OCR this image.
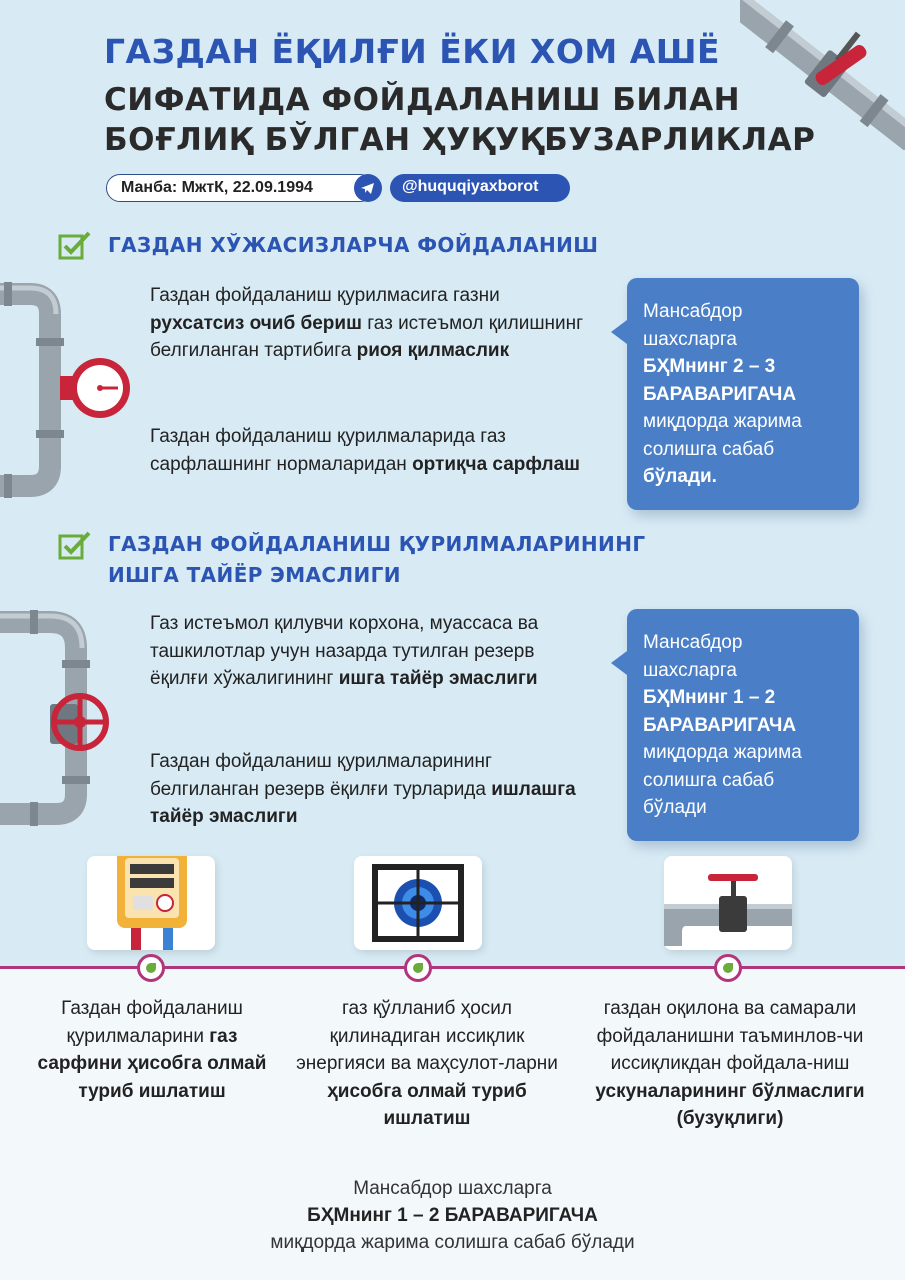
ГАЗДАН ЁҚИЛҒИ ЁКИ ХОМ АШЁ
СИФАТИДА ФОЙДАЛАНИШ БИЛАН
БОҒЛИҚ БЎЛГАН ҲУҚУҚБУЗАРЛИКЛАР
Манба: МжтК, 22.09.1994	@huquqiyaxborot
ГАЗДАН ХЎЖАСИЗЛАРЧА ФОЙДАЛАНИШ
Газдан фойдаланиш қурилмасига газни
рухсатсиз очиб бериш газ истеъмол қилишнинг белгиланган тартибига риоя қилмаслик
Газдан фойдаланиш қурилмаларида газ сарфлашнинг нормаларидан ортиқча сарфлаш
Мансабдор
шахсларга
БҲМнинг 2 – 3
БАРАВАРИГАЧА
миқдорда жарима
солишга сабаб
бўлади.
ГАЗДАН ФОЙДАЛАНИШ ҚУРИЛМАЛАРИНИНГ
ИШГА ТАЙЁР ЭМАСЛИГИ
Газ истеъмол қилувчи корхона, муассаса ва ташкилотлар учун назарда тутилган резерв ёқилғи хўжалигининг ишга тайёр эмаслиги
Газдан фойдаланиш қурилмаларининг белгиланган резерв ёқилғи турларида ишлашга тайёр эмаслиги
Мансабдор
шахсларга
БҲМнинг 1 – 2
БАРАВАРИГАЧА
миқдорда жарима
солишга сабаб
бўлади
Газдан фойдаланиш қурилмаларини газ сарфини ҳисобга олмай туриб ишлатиш
газ қўлланиб ҳосил қилинадиган иссиқлик энергияси ва маҳсулот-ларни ҳисобга олмай туриб ишлатиш
газдан оқилона ва самарали фойдаланишни таъминлов-чи иссиқликдан фойдала-ниш ускуналарининг бўлмаслиги (бузуқлиги)
Мансабдор шахсларга
БҲМнинг 1 – 2 БАРАВАРИГАЧА
миқдорда жарима солишга сабаб бўлади
